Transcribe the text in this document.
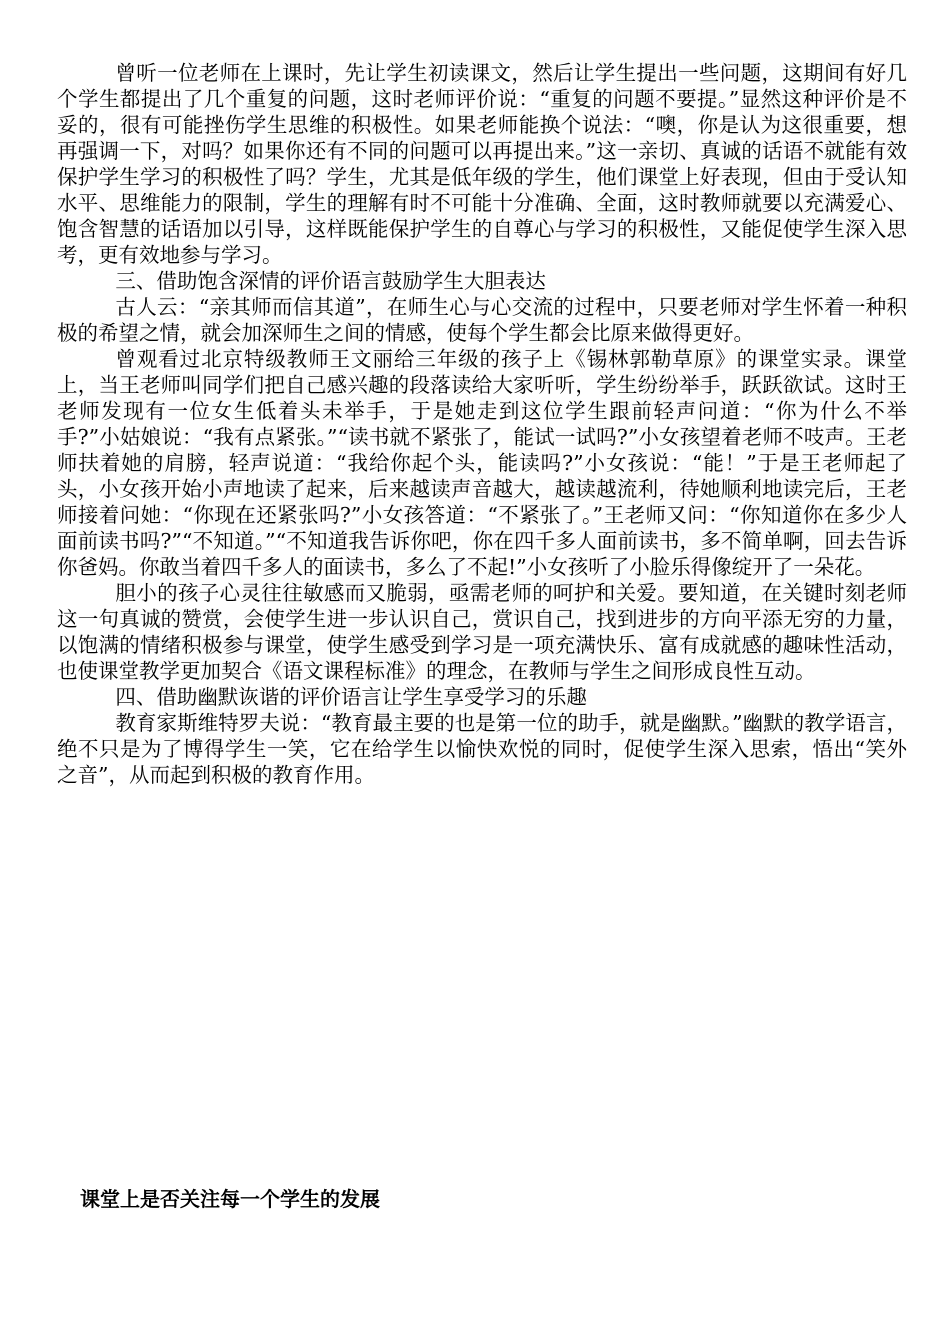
曾听一位老师在上课时，先让学生初读课文，然后让学生提出一些问题，这期间有好几个学生都提出了几个重复的问题，这时老师评价说：“重复的问题不要提。”显然这种评价是不妥的，很有可能挫伤学生思维的积极性。如果老师能换个说法：“噢，你是认为这很重要，想再强调一下，对吗？如果你还有不同的问题可以再提出来。”这一亲切、真诚的话语不就能有效保护学生学习的积极性了吗？学生，尤其是低年级的学生，他们课堂上好表现，但由于受认知水平、思维能力的限制，学生的理解有时不可能十分准确、全面，这时教师就要以充满爱心、饱含智慧的话语加以引导，这样既能保护学生的自尊心与学习的积极性，又能促使学生深入思考，更有效地参与学习。

三、借助饱含深情的评价语言鼓励学生大胆表达

古人云：“亲其师而信其道”，在师生心与心交流的过程中，只要老师对学生怀着一种积极的希望之情，就会加深师生之间的情感，使每个学生都会比原来做得更好。

曾观看过北京特级教师王文丽给三年级的孩子上《锡林郭勒草原》的课堂实录。课堂上，当王老师叫同学们把自己感兴趣的段落读给大家听听，学生纷纷举手，跃跃欲试。这时王老师发现有一位女生低着头未举手，于是她走到这位学生跟前轻声问道：“你为什么不举手?”小姑娘说：“我有点紧张。”“读书就不紧张了，能试一试吗?”小女孩望着老师不吱声。王老师扶着她的肩膀，轻声说道：“我给你起个头，能读吗?”小女孩说：“能！”于是王老师起了头，小女孩开始小声地读了起来，后来越读声音越大，越读越流利，待她顺利地读完后，王老师接着问她：“你现在还紧张吗?”小女孩答道：“不紧张了。”王老师又问：“你知道你在多少人面前读书吗?”“不知道。”“不知道我告诉你吧，你在四千多人面前读书，多不简单啊，回去告诉你爸妈。你敢当着四千多人的面读书，多么了不起!”小女孩听了小脸乐得像绽开了一朵花。

胆小的孩子心灵往往敏感而又脆弱，亟需老师的呵护和关爱。要知道，在关键时刻老师这一句真诚的赞赏，会使学生进一步认识自己，赏识自己，找到进步的方向平添无穷的力量，以饱满的情绪积极参与课堂，使学生感受到学习是一项充满快乐、富有成就感的趣味性活动，也使课堂教学更加契合《语文课程标准》的理念，在教师与学生之间形成良性互动。

四、借助幽默诙谐的评价语言让学生享受学习的乐趣

教育家斯维特罗夫说：“教育最主要的也是第一位的助手，就是幽默。”幽默的教学语言，绝不只是为了博得学生一笑，它在给学生以愉快欢悦的同时，促使学生深入思索，悟出“笑外之音”，从而起到积极的教育作用。

课堂上是否关注每一个学生的发展
